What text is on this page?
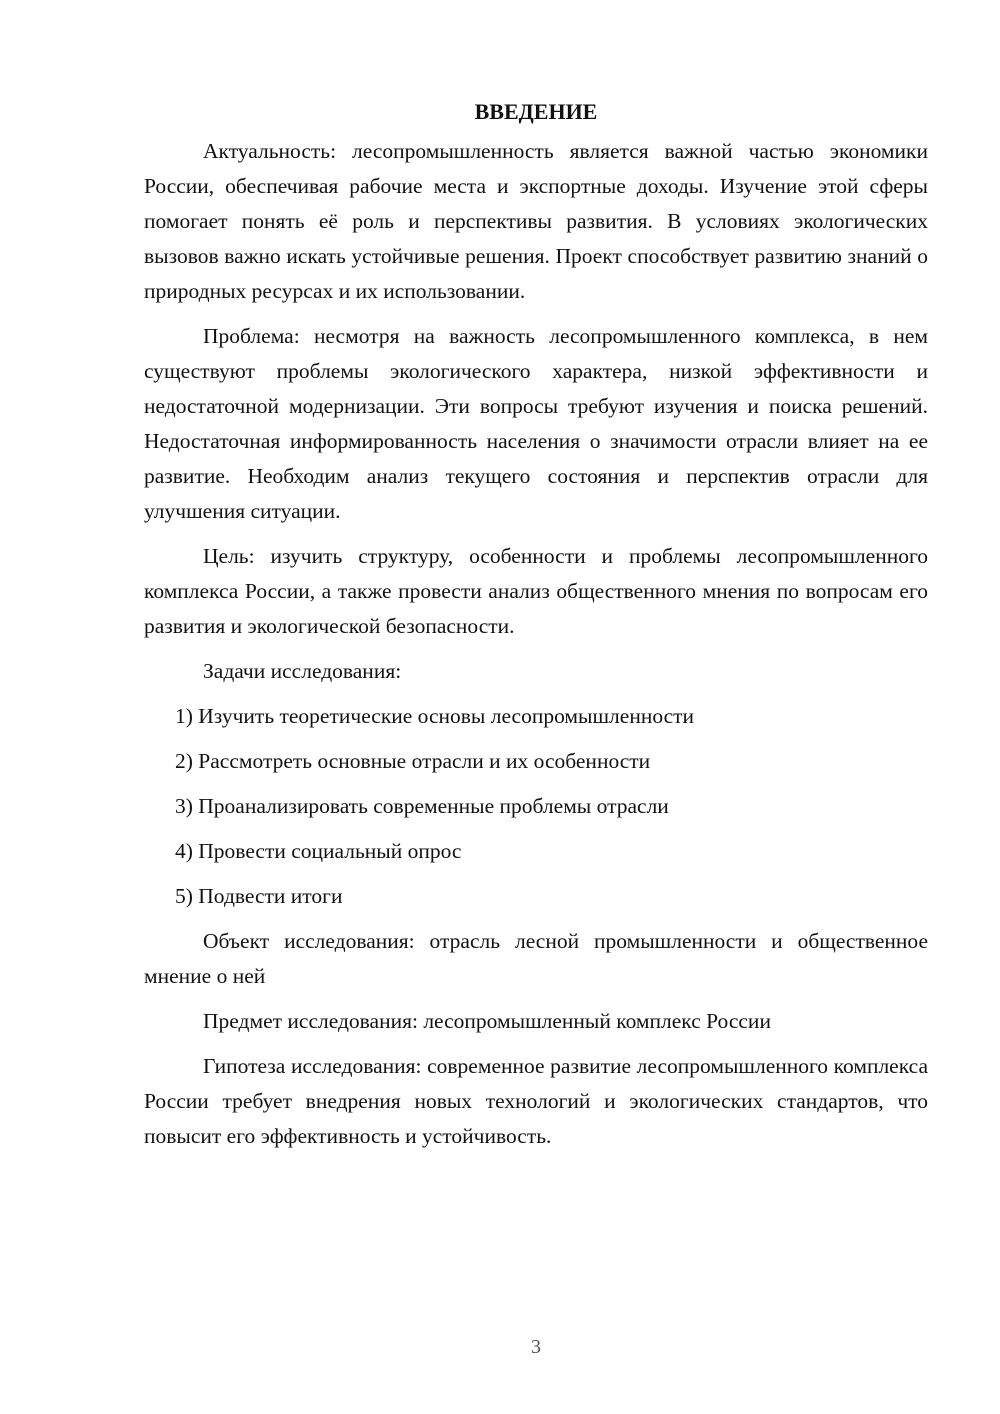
ВВЕДЕНИЕ

Актуальность: лесопромышленность является важной частью экономики России, обеспечивая рабочие места и экспортные доходы. Изучение этой сферы помогает понять её роль и перспективы развития. В условиях экологических вызовов важно искать устойчивые решения. Проект способствует развитию знаний о природных ресурсах и их использовании.

Проблема: несмотря на важность лесопромышленного комплекса, в нем существуют проблемы экологического характера, низкой эффективности и недостаточной модернизации. Эти вопросы требуют изучения и поиска решений. Недостаточная информированность населения о значимости отрасли влияет на ее развитие. Необходим анализ текущего состояния и перспектив отрасли для улучшения ситуации.

Цель: изучить структуру, особенности и проблемы лесопромышленного комплекса России, а также провести анализ общественного мнения по вопросам его развития и экологической безопасности.

Задачи исследования:

1) Изучить теоретические основы лесопромышленности
2) Рассмотреть основные отрасли и их особенности
3) Проанализировать современные проблемы отрасли
4) Провести социальный опрос
5) Подвести итоги

Объект исследования: отрасль лесной промышленности и общественное мнение о ней

Предмет исследования: лесопромышленный комплекс России

Гипотеза исследования: современное развитие лесопромышленного комплекса России требует внедрения новых технологий и экологических стандартов, что повысит его эффективность и устойчивость.

3
